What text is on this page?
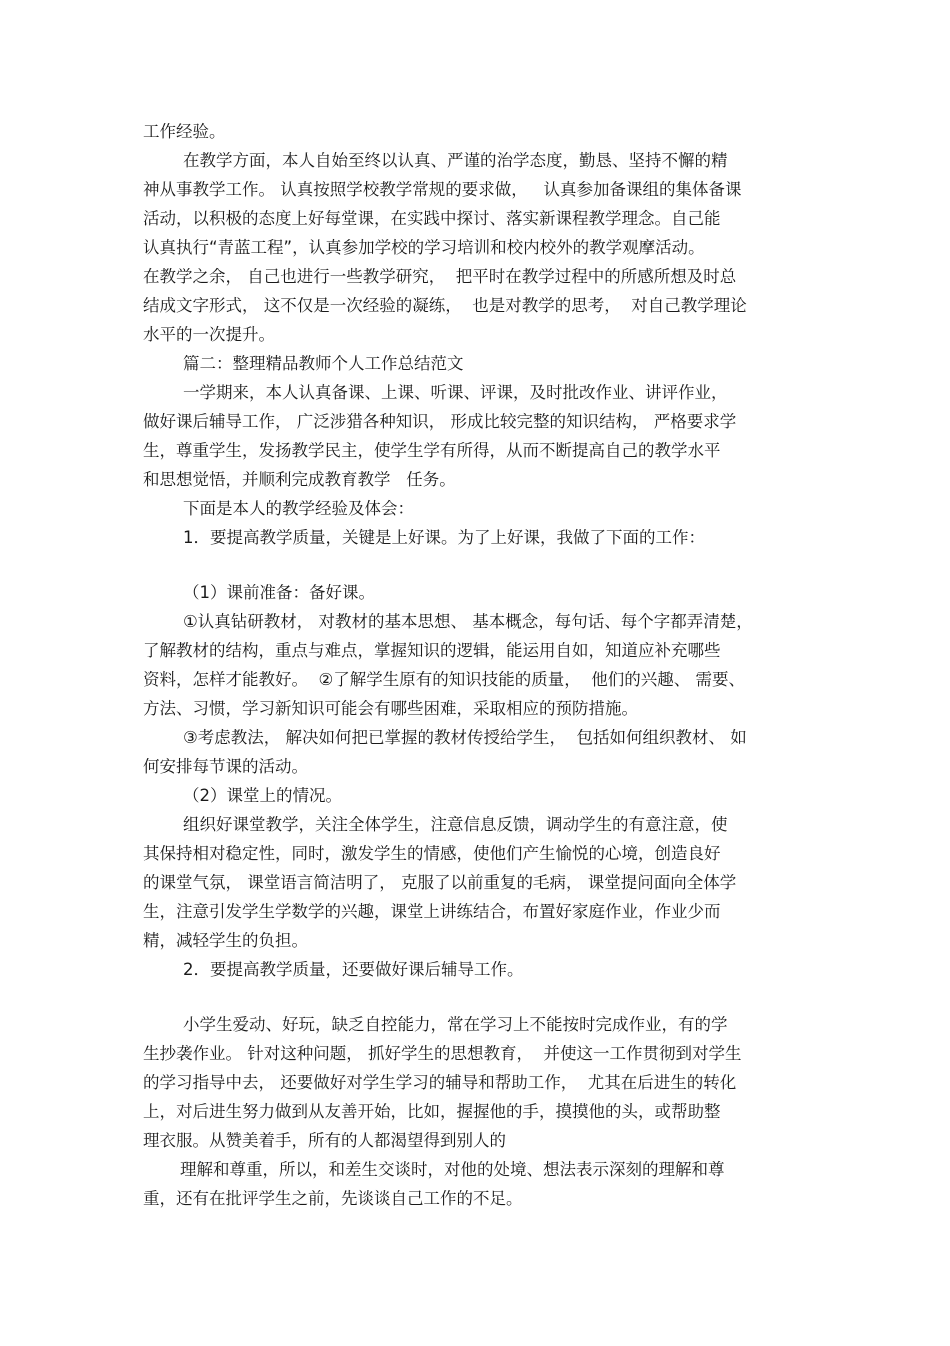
工作经验。
在教学方面，本人自始至终以认真、严谨的治学态度，勤恳、坚持不懈的精
神从事教学工作。 认真按照学校教学常规的要求做，   认真参加备课组的集体备课
活动，以积极的态度上好每堂课，在实践中探讨、落实新课程教学理念。自己能
认真执行“青蓝工程”，认真参加学校的学习培训和校内校外的教学观摩活动。
在教学之余， 自己也进行一些教学研究，  把平时在教学过程中的所感所想及时总
结成文字形式， 这不仅是一次经验的凝练，  也是对教学的思考，  对自己教学理论
水平的一次提升。
篇二：整理精品教师个人工作总结范文
一学期来，本人认真备课、上课、听课、评课，及时批改作业、讲评作业，
做好课后辅导工作， 广泛涉猎各种知识， 形成比较完整的知识结构， 严格要求学
生，尊重学生，发扬教学民主，使学生学有所得，从而不断提高自己的教学水平
和思想觉悟，并顺利完成教育教学   任务。
下面是本人的教学经验及体会：
1．要提高教学质量，关键是上好课。为了上好课，我做了下面的工作：
（1）课前准备：备好课。
①认真钻研教材， 对教材的基本思想、 基本概念，每句话、每个字都弄清楚，
了解教材的结构，重点与难点，掌握知识的逻辑，能运用自如，知道应补充哪些
资料，怎样才能教好。  ②了解学生原有的知识技能的质量，  他们的兴趣、 需要、
方法、习惯，学习新知识可能会有哪些困难，采取相应的预防措施。
③考虑教法， 解决如何把已掌握的教材传授给学生，  包括如何组织教材、 如
何安排每节课的活动。
（2）课堂上的情况。
组织好课堂教学，关注全体学生，注意信息反馈，调动学生的有意注意，使
其保持相对稳定性，同时，激发学生的情感，使他们产生愉悦的心境，创造良好
的课堂气氛， 课堂语言简洁明了， 克服了以前重复的毛病， 课堂提问面向全体学
生，注意引发学生学数学的兴趣，课堂上讲练结合，布置好家庭作业，作业少而
精，减轻学生的负担。
2．要提高教学质量，还要做好课后辅导工作。
小学生爱动、好玩，缺乏自控能力，常在学习上不能按时完成作业，有的学
生抄袭作业。 针对这种问题， 抓好学生的思想教育，  并使这一工作贯彻到对学生
的学习指导中去， 还要做好对学生学习的辅导和帮助工作，  尤其在后进生的转化
上，对后进生努力做到从友善开始，比如，握握他的手，摸摸他的头，或帮助整
理衣服。从赞美着手，所有的人都渴望得到别人的
理解和尊重，所以，和差生交谈时，对他的处境、想法表示深刻的理解和尊
重，还有在批评学生之前，先谈谈自己工作的不足。
